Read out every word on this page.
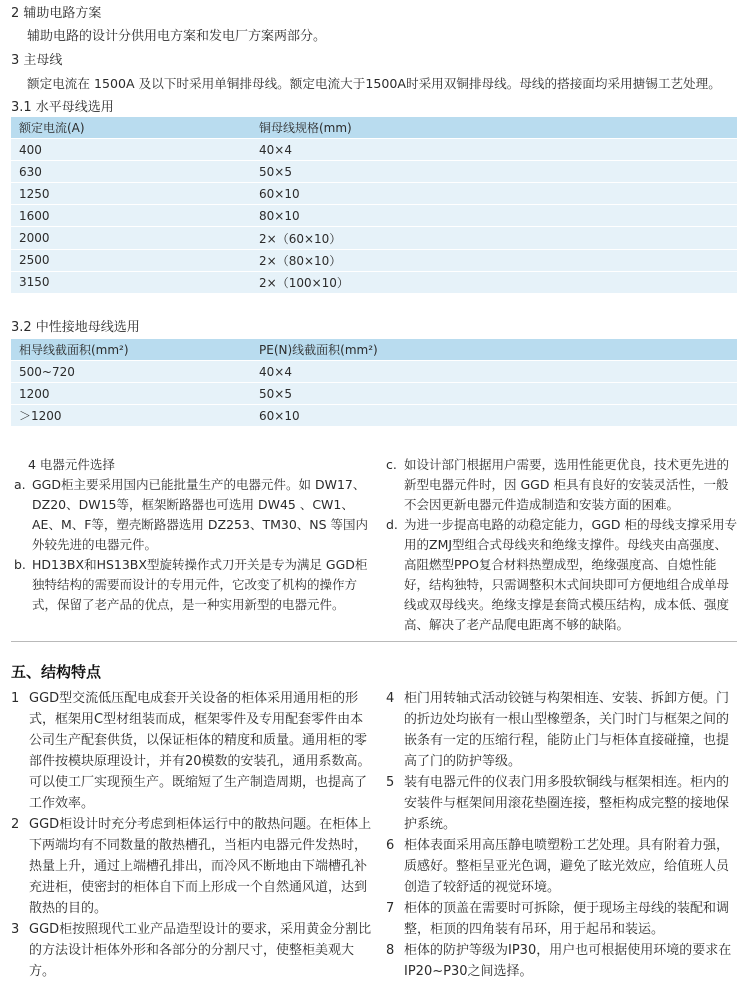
2 辅助电路方案
辅助电路的设计分供用电方案和发电厂方案两部分。
3 主母线
额定电流在 1500A 及以下时采用单铜排母线。额定电流大于1500A时采用双铜排母线。母线的搭接面均采用搪锡工艺处理。
3.1 水平母线选用
额定电流(A)	铜母线规格(mm)
400	40×4
630	50×5
1250	60×10
1600	80×10
2000	2×（60×10）
2500	2×（80×10）
3150	2×（100×10）
3.2 中性接地母线选用
相导线截面积(mm²)	PE(N)线截面积(mm²)
500~720	40×4
1200	50×5
＞1200	60×10
4 电器元件选择
a. GGD柜主要采用国内已能批量生产的电器元件。如 DW17、DZ20、DW15等，框架断路器也可选用 DW45 、CW1、AE、M、F等，塑壳断路器选用 DZ253、TM30、NS 等国内外较先进的电器元件。
b. HD13BX和HS13BX型旋转操作式刀开关是专为满足 GGD柜独特结构的需要而设计的专用元件，它改变了机构的操作方式，保留了老产品的优点，是一种实用新型的电器元件。
c. 如设计部门根据用户需要，选用性能更优良，技术更先进的新型电器元件时，因 GGD 柜具有良好的安装灵活性，一般不会因更新电器元件造成制造和安装方面的困难。
d. 为进一步提高电路的动稳定能力，GGD 柜的母线支撑采用专用的ZMJ型组合式母线夹和绝缘支撑件。母线夹由高强度、高阻燃型PPO复合材料热塑成型，绝缘强度高、自熄性能好，结构独特，只需调整积木式间块即可方便地组合成单母线或双母线夹。绝缘支撑是套筒式模压结构，成本低、强度高、解决了老产品爬电距离不够的缺陷。
五、结构特点
1 GGD型交流低压配电成套开关设备的柜体采用通用柜的形式，框架用C型材组装而成，框架零件及专用配套零件由本公司生产配套供货，以保证柜体的精度和质量。通用柜的零部件按模块原理设计，并有20模数的安装孔，通用系数高。可以使工厂实现预生产。既缩短了生产制造周期，也提高了工作效率。
2 GGD柜设计时充分考虑到柜体运行中的散热问题。在柜体上下两端均有不同数量的散热槽孔，当柜内电器元件发热时，热量上升，通过上端槽孔排出，而冷风不断地由下端槽孔补充进柜，使密封的柜体自下而上形成一个自然通风道，达到散热的目的。
3 GGD柜按照现代工业产品造型设计的要求，采用黄金分割比的方法设计柜体外形和各部分的分割尺寸，使整柜美观大方。
4 柜门用转轴式活动铰链与构架相连、安装、拆卸方便。门的折边处均嵌有一根山型橡塑条，关门时门与框架之间的嵌条有一定的压缩行程，能防止门与柜体直接碰撞，也提高了门的防护等级。
5 装有电器元件的仪表门用多股软铜线与框架相连。柜内的安装件与框架间用滚花垫圈连接，整柜构成完整的接地保护系统。
6 柜体表面采用高压静电喷塑粉工艺处理。具有附着力强，质感好。整柜呈亚光色调，避免了眩光效应，给值班人员创造了较舒适的视觉环境。
7 柜体的顶盖在需要时可拆除，便于现场主母线的装配和调整，柜顶的四角装有吊环，用于起吊和装运。
8 柜体的防护等级为IP30，用户也可根据使用环境的要求在IP20~P30之间选择。
